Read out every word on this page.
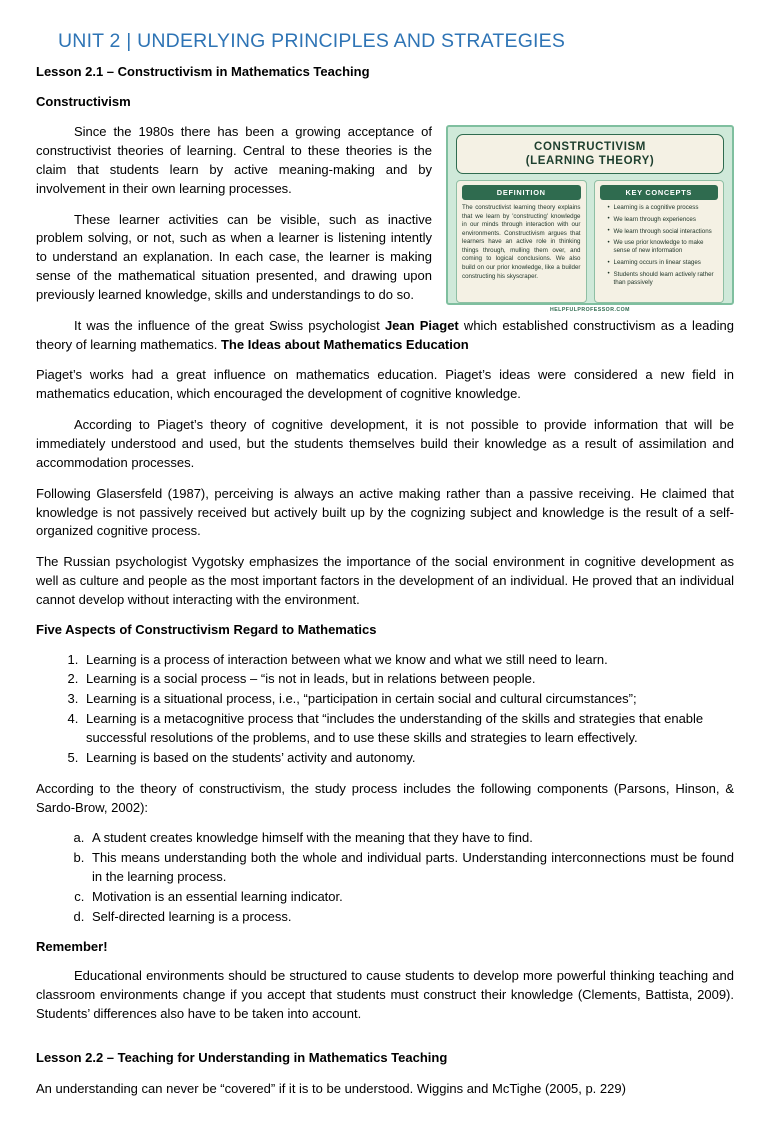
UNIT 2 | UNDERLYING PRINCIPLES AND STRATEGIES
Lesson 2.1 – Constructivism in Mathematics Teaching
Constructivism
CONSTRUCTIVISM
(LEARNING THEORY)
DEFINITION
The constructivist learning theory explains that we learn by 'constructing' knowledge in our minds through interaction with our environments. Constructivism argues that learners have an active role in thinking things through, mulling them over, and coming to logical conclusions. We also build on our prior knowledge, like a builder constructing his skyscraper.
KEY CONCEPTS
• Learning is a cognitive process
• We learn through experiences
• We learn through social interactions
• We use prior knowledge to make sense of new information
• Learning occurs in linear stages
• Students should learn actively rather than passively
HELPFULPROFESSOR.COM

Since the 1980s there has been a growing acceptance of constructivist theories of learning. Central to these theories is the claim that students learn by active meaning-making and by involvement in their own learning processes.

These learner activities can be visible, such as inactive problem solving, or not, such as when a learner is listening intently to understand an explanation. In each case, the learner is making sense of the mathematical situation presented, and drawing upon previously learned knowledge, skills and understandings to do so.

It was the influence of the great Swiss psychologist Jean Piaget which established constructivism as a leading theory of learning mathematics. The Ideas about Mathematics Education

Piaget’s works had a great influence on mathematics education. Piaget’s ideas were considered a new field in mathematics education, which encouraged the development of cognitive knowledge.

According to Piaget’s theory of cognitive development, it is not possible to provide information that will be immediately understood and used, but the students themselves build their knowledge as a result of assimilation and accommodation processes.

Following Glasersfeld (1987), perceiving is always an active making rather than a passive receiving. He claimed that knowledge is not passively received but actively built up by the cognizing subject and knowledge is the result of a self-organized cognitive process.

The Russian psychologist Vygotsky emphasizes the importance of the social environment in cognitive development as well as culture and people as the most important factors in the development of an individual. He proved that an individual cannot develop without interacting with the environment.

Five Aspects of Constructivism Regard to Mathematics
1. Learning is a process of interaction between what we know and what we still need to learn.
2. Learning is a social process – “is not in leads, but in relations between people.
3. Learning is a situational process, i.e., “participation in certain social and cultural circumstances”;
4. Learning is a metacognitive process that “includes the understanding of the skills and strategies that enable successful resolutions of the problems, and to use these skills and strategies to learn effectively.
5. Learning is based on the students’ activity and autonomy.

According to the theory of constructivism, the study process includes the following components (Parsons, Hinson, & Sardo-Brow, 2002):

a. A student creates knowledge himself with the meaning that they have to find.
b. This means understanding both the whole and individual parts. Understanding interconnections must be found in the learning process.
c. Motivation is an essential learning indicator.
d. Self-directed learning is a process.
Remember!

Educational environments should be structured to cause students to develop more powerful thinking teaching and classroom environments change if you accept that students must construct their knowledge (Clements, Battista, 2009). Students’ differences also have to be taken into account.

Lesson 2.2 – Teaching for Understanding in Mathematics Teaching

An understanding can never be “covered” if it is to be understood. Wiggins and McTighe (2005, p. 229)
